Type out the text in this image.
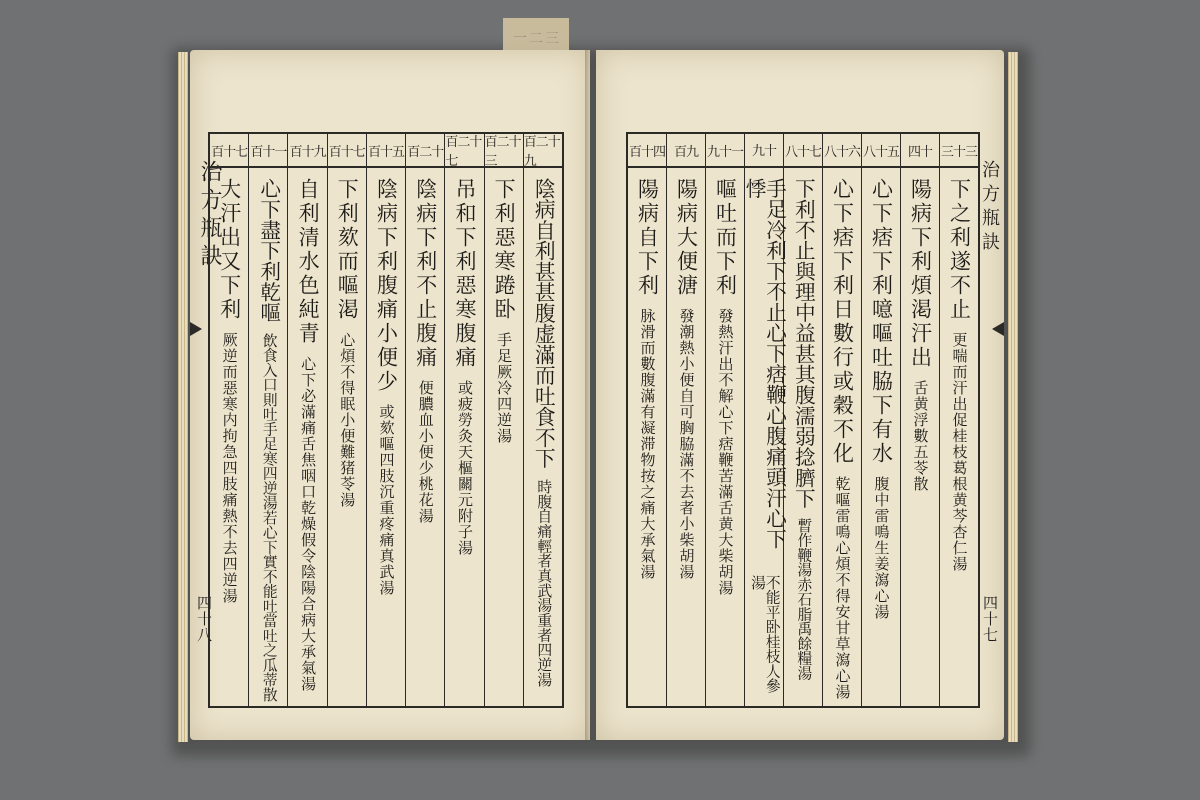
一二三
治方瓶訣
四十八
百二十九
陰病自利甚甚腹虚滿而吐食不下
時腹自痛輕者真武湯重者四逆湯
百二十三
下利惡寒踡卧
手足厥冷四逆湯
百二十七
吊和下利惡寒腹痛
或疲勞灸天樞關元附子湯
百二十
陰病下利不止腹痛
便膿血小便少桃花湯
百十五
陰病下利腹痛小便少
或欬嘔四肢沉重疼痛真武湯
百十七
下利欬而嘔渇
心煩不得眠小便難猪苓湯
百十九
自利清水色純青
心下必滿痛舌焦咽口乾燥假令陰陽合病大承氣湯
百十一
心下盡下利乾嘔
飲食入口則吐手足寒四逆湯若心下實不能吐當吐之瓜蒂散
百十七
大汗出又下利
厥逆而惡寒内拘急四肢痛熱不去四逆湯
治方瓶訣
四十七
三十三
下之利遂不止
更喘而汗出促桂枝葛根黄芩杏仁湯
四十
陽病下利煩渇汗出
舌黄浮數五苓散
八十五
心下痞下利噫嘔吐脇下有水
腹中雷鳴生姜瀉心湯
八十六
心下痞下利日數行或穀不化
乾嘔雷鳴心煩不得安甘草瀉心湯
八十七
下利不止與理中益甚其腹濡弱捻臍下
暫作鞭湯赤石脂禹餘糧湯
九十
手足冷利下不止心下痞鞭心腹痛頭汗心下悸
不能平卧桂枝人參湯
九十一
嘔吐而下利
發熱汗出不解心下痞鞭苦滿舌黄大柴胡湯
百九
陽病大便溏
發潮熱小便自可胸脇滿不去者小柴胡湯
百十四
陽病自下利
脉滑而數腹滿有凝滞物按之痛大承氣湯
